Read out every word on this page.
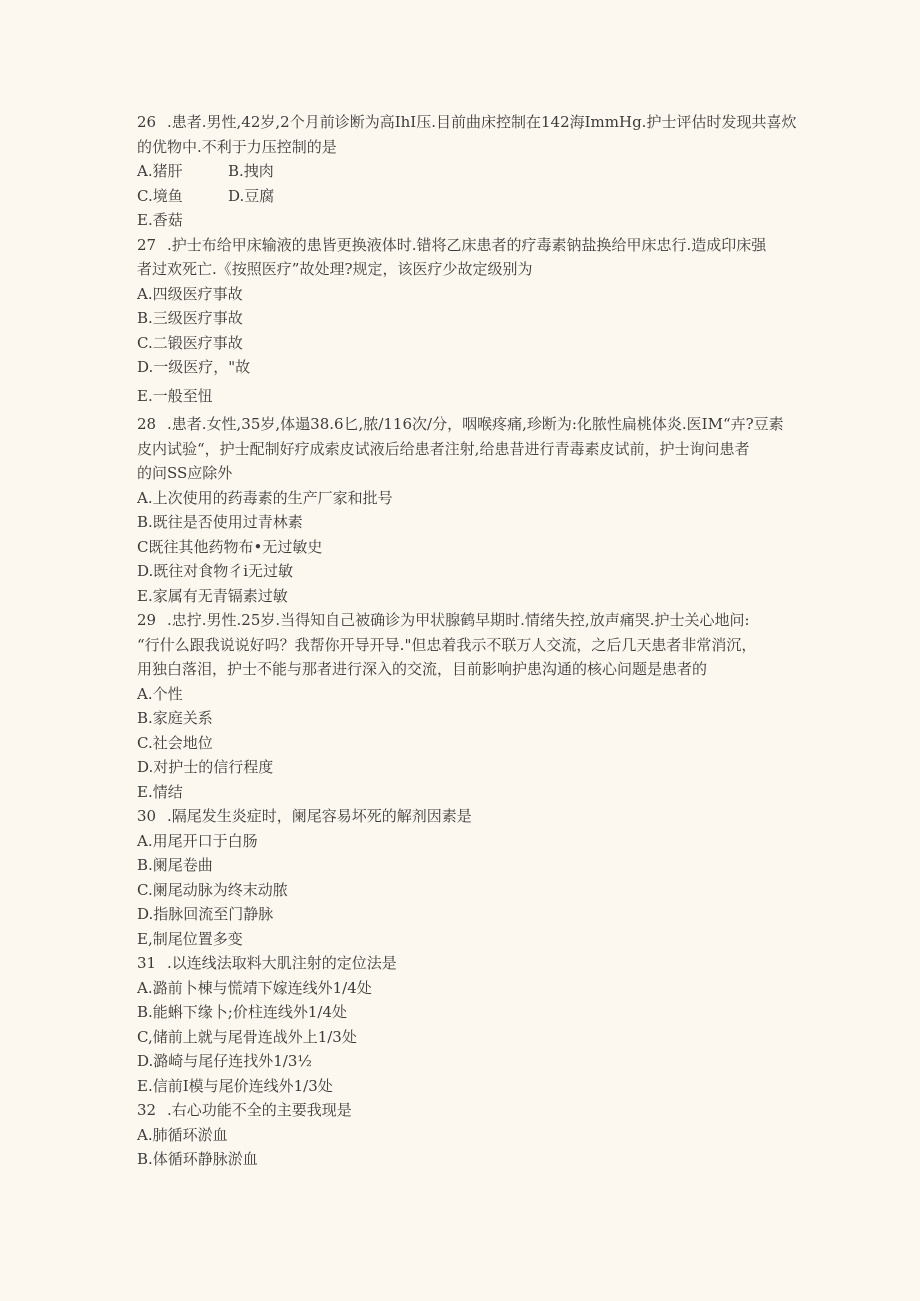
26 .患者.男性,42岁,2个月前诊断为高IhI压.目前曲床控制在142海ImmHg.护士评估时发现共喜炊
的优物中.不利于力压控制的是
A.猪肝	B.拽肉
C.境鱼	D.豆腐
E.香菇
27 .护士布给甲床输液的患皆更换液体时.错将乙床患者的疗毒素钠盐换给甲床忠行.造成印床强
者过欢死亡.《按照医疗”故处理?规定，该医疗少故定级别为
A.四级医疗事故
B.三级医疗事故
C.二锻医疗事故
D.一级医疗，"故
E.一般至忸
28 .患者.女性,35岁,体遢38.6匕,脓/116次/分，咽喉疼痛,珍断为:化脓性扁桃体炎.医IM“卉?豆素
皮内试验“，护士配制好疗成索皮试液后给患者注射,给患昔进行青毒素皮试前，护士询问患者
的问SS应除外
A.上次使用的药毒素的生产厂家和批号
B.既往是否使用过青林素
C既往其他药物布•无过敏史
D.既往对食物彳i无过敏
E.家属有无青镉素过敏
29 .忠拧.男性.25岁.当得知自己被确诊为甲状腺鹤早期时.情绪失控,放声痛哭.护士关心地问:
“行什么跟我说说好吗？我帮你开导开导."但忠着我示不联万人交流，之后几天患者非常消沉，
用独白落泪，护士不能与那者进行深入的交流，目前影响护患沟通的核心问题是患者的
A.个性
B.家庭关系
C.社会地位
D.对护士的信行程度
E.情结
30 .隔尾发生炎症时，阑尾容易坏死的解剂因素是
A.用尾开口于白肠
B.阑尾卷曲
C.阑尾动脉为终末动脓
D.指脉回流至门静脉
E,制尾位置多变
31 .以连线法取料大肌注射的定位法是
A.潞前卜棟与慌靖下嫁连线外1/4处
B.能蝌下缘卜;价柱连线外1/4处
C,储前上就与尾骨连战外上1/3处
D.潞崎与尾仔连找外1/3½
E.信前I模与尾价连线外1/3处
32 .右心功能不全的主要我现是
A.肺循环淤血
B.体循环静脉淤血
